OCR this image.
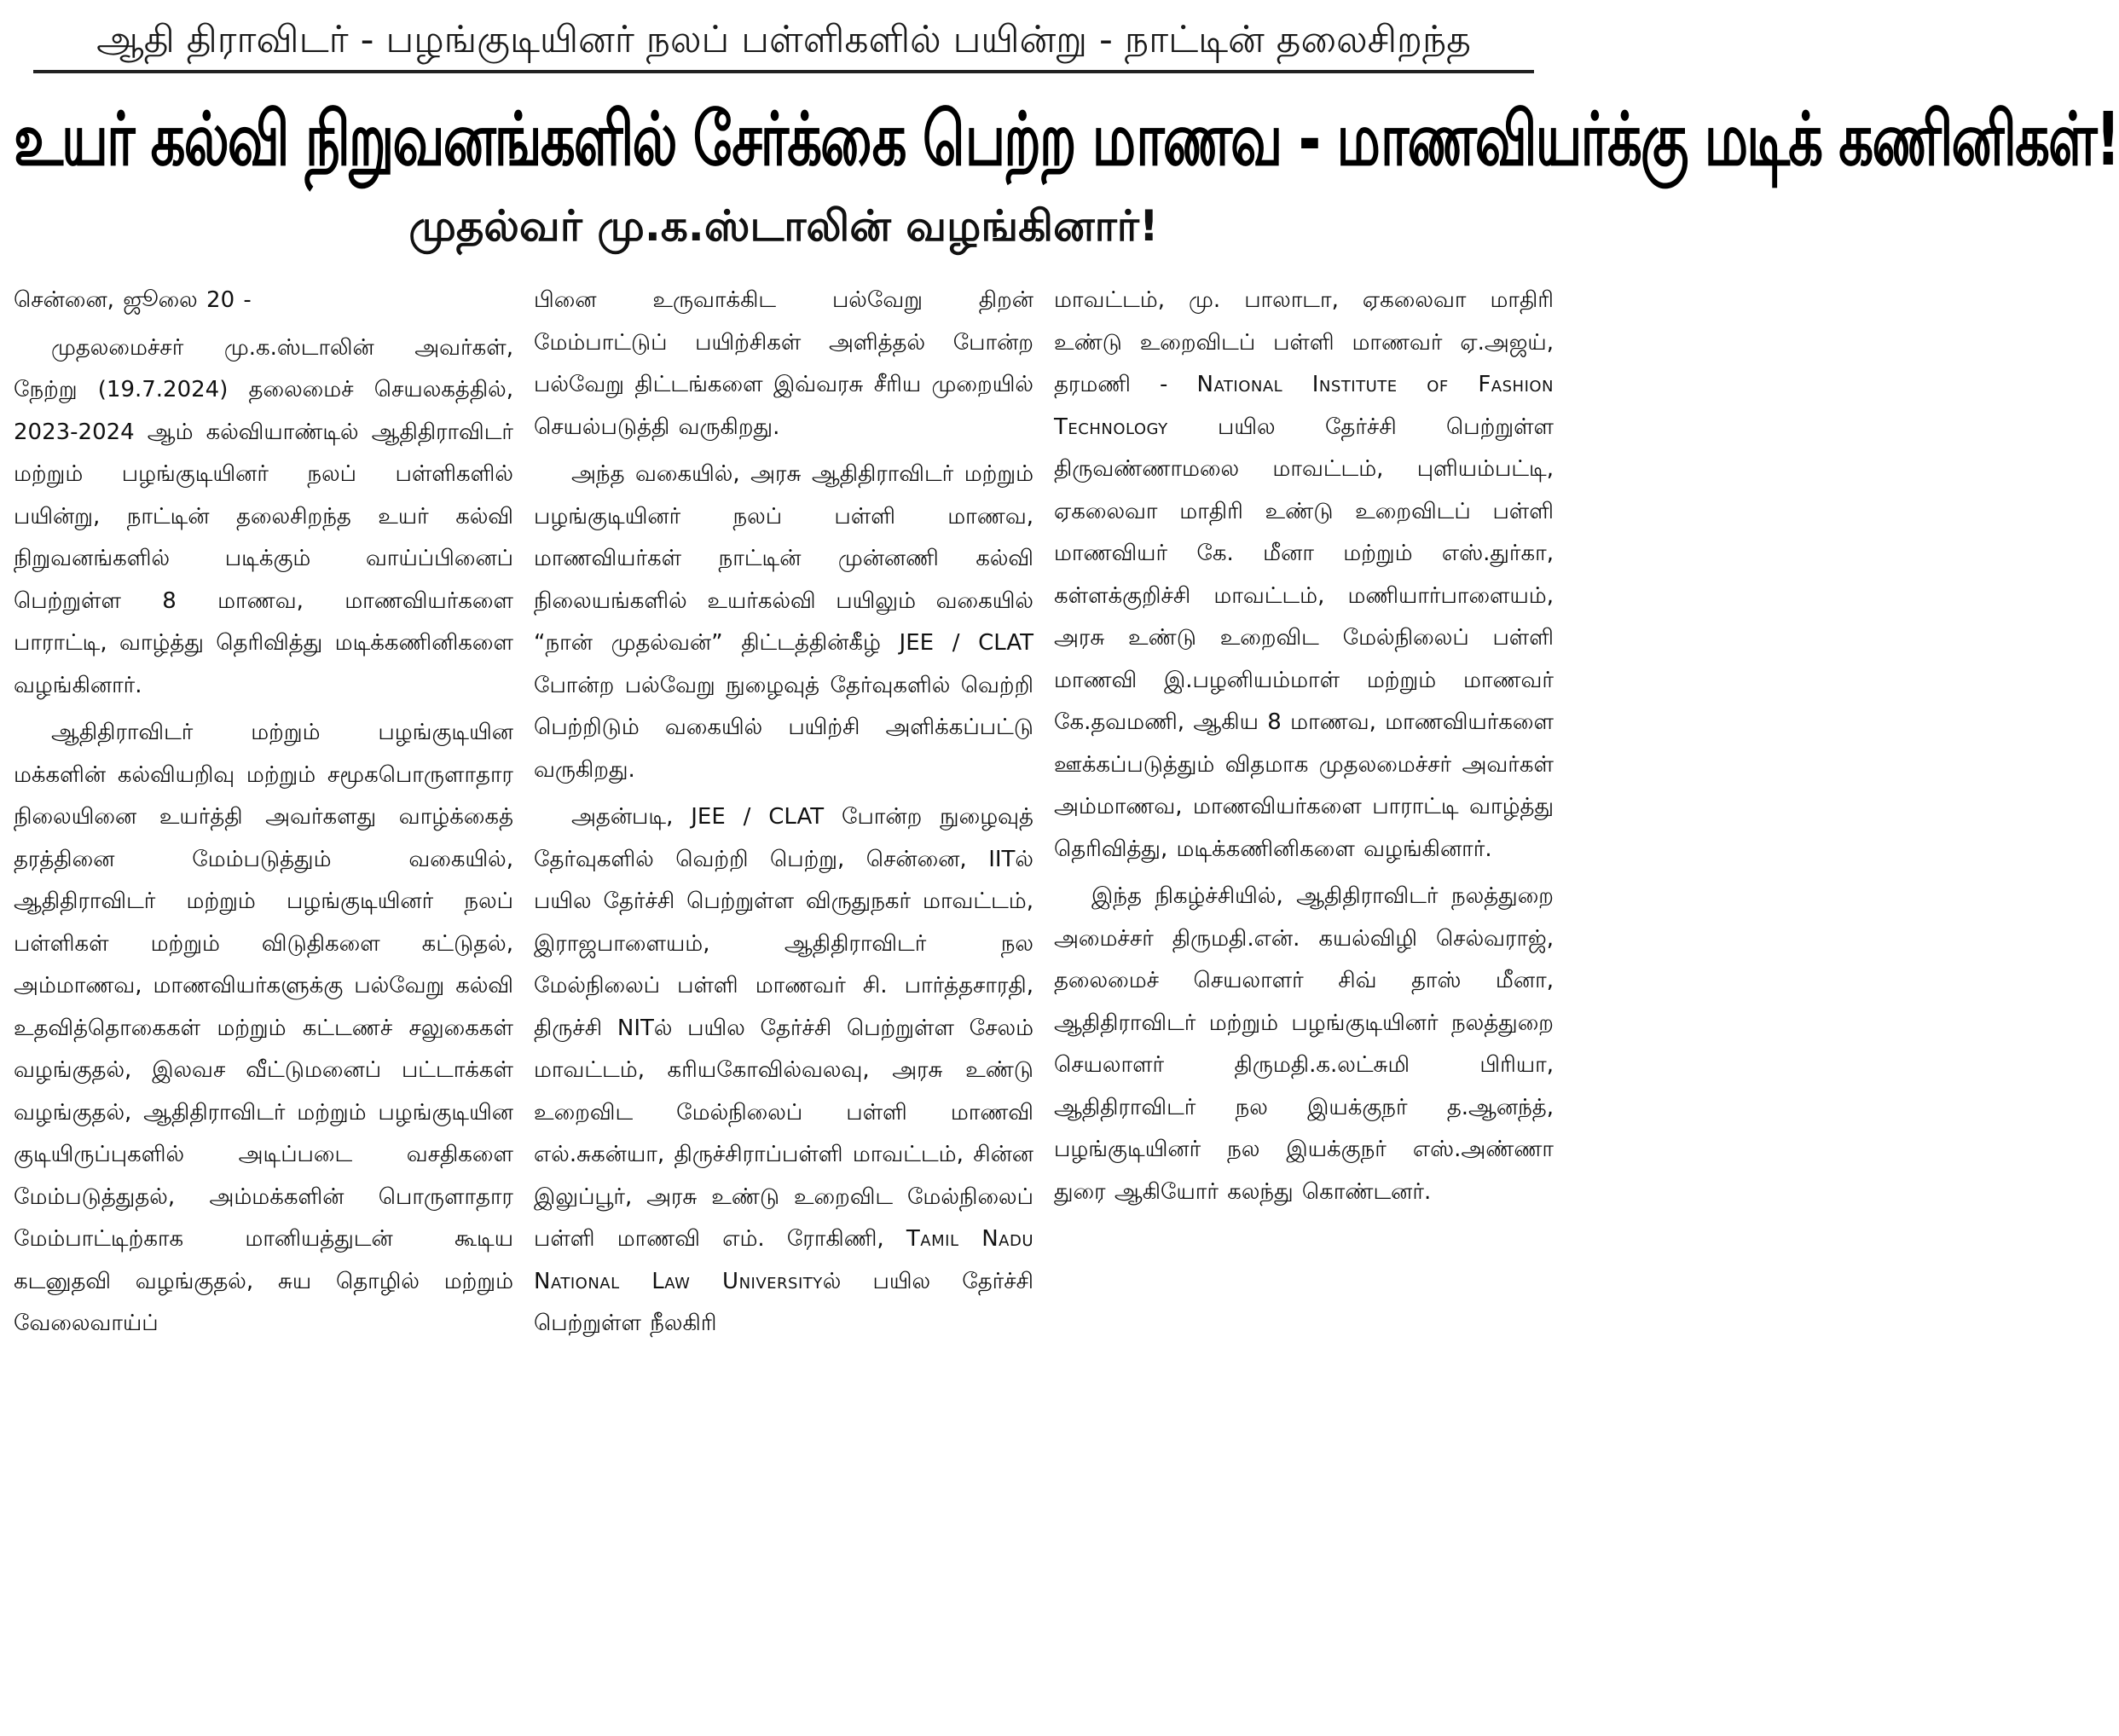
ஆதி திராவிடர் - பழங்குடியினர் நலப் பள்ளிகளில் பயின்று - நாட்டின் தலைசிறந்த
உயர் கல்வி நிறுவனங்களில் சேர்க்கை பெற்ற மாணவ - மாணவியர்க்கு மடிக் கணினிகள்!
முதல்வர் மு.க.ஸ்டாலின் வழங்கினார்!

சென்னை, ஜூலை 20 -

முதலமைச்சர் மு.க.ஸ்டாலின் அவர்கள், நேற்று (19.7.2024) தலைமைச் செயலகத்தில், 2023-2024 ஆம் கல்வியாண்டில் ஆதிதிராவிடர் மற்றும் பழங்குடியினர் நலப் பள்ளிகளில் பயின்று, நாட்டின் தலைசிறந்த உயர் கல்வி நிறுவனங்களில் படிக்கும் வாய்ப்பினைப் பெற்றுள்ள 8 மாணவ, மாணவியர்களை பாராட்டி, வாழ்த்து தெரிவித்து மடிக்கணினிகளை வழங்கினார்.

ஆதிதிராவிடர் மற்றும் பழங்குடியின மக்களின் கல்வியறிவு மற்றும் சமூகபொருளாதார நிலையினை உயர்த்தி அவர்களது வாழ்க்கைத் தரத்தினை மேம்படுத்தும் வகையில், ஆதிதிராவிடர் மற்றும் பழங்குடியினர் நலப் பள்ளிகள் மற்றும் விடுதிகளை கட்டுதல், அம்மாணவ, மாணவியர்களுக்கு பல்வேறு கல்வி உதவித்தொகைகள் மற்றும் கட்டணச் சலுகைகள் வழங்குதல், இலவச வீட்டுமனைப் பட்டாக்கள் வழங்குதல், ஆதிதிராவிடர் மற்றும் பழங்குடியின குடியிருப்புகளில் அடிப்படை வசதிகளை மேம்படுத்துதல், அம்மக்களின் பொருளாதார மேம்பாட்டிற்காக மானியத்துடன் கூடிய கடனுதவி வழங்குதல், சுய தொழில் மற்றும் வேலைவாய்ப்

பினை உருவாக்கிட பல்வேறு திறன் மேம்பாட்டுப் பயிற்சிகள் அளித்தல் போன்ற பல்வேறு திட்டங்களை இவ்வரசு சீரிய முறையில் செயல்படுத்தி வருகிறது.

அந்த வகையில், அரசு ஆதிதிராவிடர் மற்றும் பழங்குடியினர் நலப் பள்ளி மாணவ, மாணவியர்கள் நாட்டின் முன்னணி கல்வி நிலையங்களில் உயர்கல்வி பயிலும் வகையில் “நான் முதல்வன்” திட்டத்தின்கீழ் JEE / CLAT போன்ற பல்வேறு நுழைவுத் தேர்வுகளில் வெற்றி பெற்றிடும் வகையில் பயிற்சி அளிக்கப்பட்டு வருகிறது.

அதன்படி, JEE / CLAT போன்ற நுழைவுத் தேர்வுகளில் வெற்றி பெற்று, சென்னை, IITல் பயில தேர்ச்சி பெற்றுள்ள விருதுநகர் மாவட்டம், இராஜபாளையம், ஆதிதிராவிடர் நல மேல்நிலைப் பள்ளி மாணவர் சி. பார்த்தசாரதி, திருச்சி NITல் பயில தேர்ச்சி பெற்றுள்ள சேலம் மாவட்டம், கரியகோவில்வலவு, அரசு உண்டு உறைவிட மேல்நிலைப் பள்ளி மாணவி எல்.சுகன்யா, திருச்சிராப்பள்ளி மாவட்டம், சின்ன இலுப்பூர், அரசு உண்டு உறைவிட மேல்நிலைப் பள்ளி மாணவி எம். ரோகிணி, Tamil Nadu National Law Universityல் பயில தேர்ச்சி பெற்றுள்ள நீலகிரி

மாவட்டம், மு. பாலாடா, ஏகலைவா மாதிரி உண்டு உறைவிடப் பள்ளி மாணவர் ஏ.அஜய், தரமணி - National Institute of Fashion Technology பயில தேர்ச்சி பெற்றுள்ள திருவண்ணாமலை மாவட்டம், புளியம்பட்டி, ஏகலைவா மாதிரி உண்டு உறைவிடப் பள்ளி மாணவியர் கே. மீனா மற்றும் எஸ்.துர்கா, கள்ளக்குறிச்சி மாவட்டம், மணியார்பாளையம், அரசு உண்டு உறைவிட மேல்நிலைப் பள்ளி மாணவி இ.பழனியம்மாள் மற்றும் மாணவர் கே.தவமணி, ஆகிய 8 மாணவ, மாணவியர்களை ஊக்கப்படுத்தும் விதமாக முதலமைச்சர் அவர்கள் அம்மாணவ, மாணவியர்களை பாராட்டி வாழ்த்து தெரிவித்து, மடிக்கணினிகளை வழங்கினார்.

இந்த நிகழ்ச்சியில், ஆதிதிராவிடர் நலத்துறை அமைச்சர் திருமதி.என். கயல்விழி செல்வராஜ், தலைமைச் செயலாளர் சிவ் தாஸ் மீனா, ஆதிதிராவிடர் மற்றும் பழங்குடியினர் நலத்துறை செயலாளர் திருமதி.க.லட்சுமி பிரியா, ஆதிதிராவிடர் நல இயக்குநர் த.ஆனந்த், பழங்குடியினர் நல இயக்குநர் எஸ்.அண்ணா துரை ஆகியோர் கலந்து கொண்டனர்.
